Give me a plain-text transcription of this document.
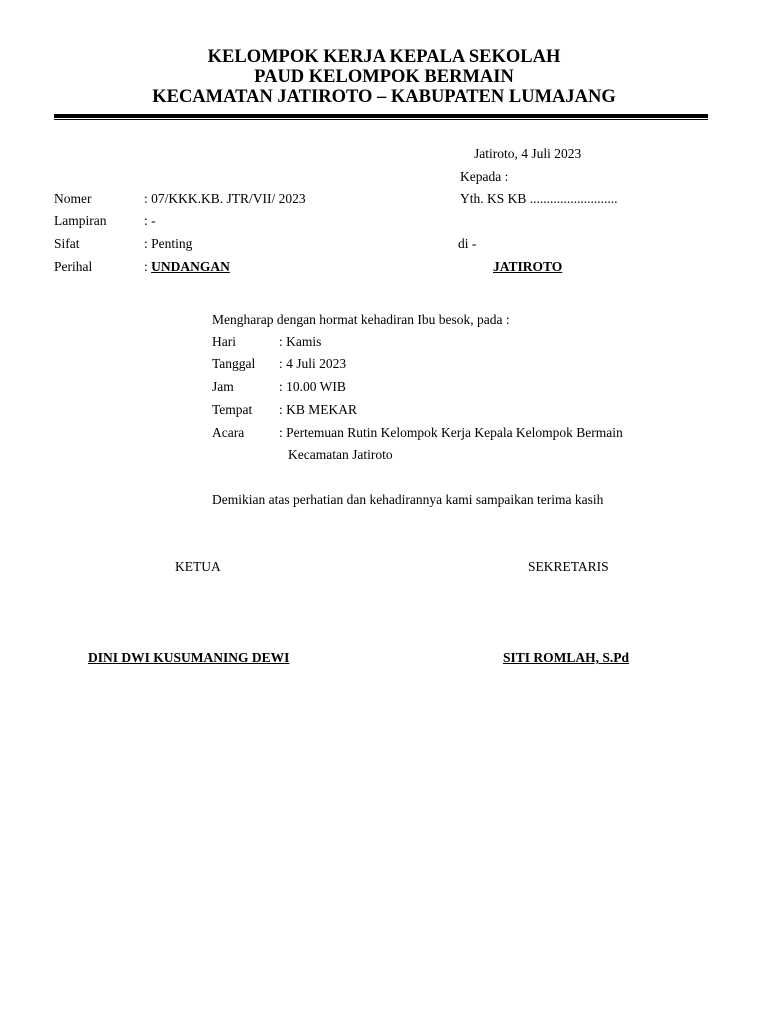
KELOMPOK KERJA KEPALA SEKOLAH
PAUD KELOMPOK BERMAIN
KECAMATAN JATIROTO – KABUPATEN LUMAJANG
Jatiroto, 4 Juli 2023
Kepada :
Yth. KS KB ..........................
di -
JATIROTO
Nomer	: 07/KKK.KB. JTR/VII/ 2023
Lampiran	: -
Sifat	: Penting
Perihal	: UNDANGAN
Mengharap dengan hormat kehadiran Ibu besok, pada :
Hari	: Kamis
Tanggal : 4 Juli 2023
Jam	: 10.00 WIB
Tempat : KB MEKAR
Acara	: Pertemuan Rutin Kelompok Kerja Kepala Kelompok Bermain
Kecamatan Jatiroto
Demikian atas perhatian dan kehadirannya kami sampaikan terima kasih
KETUA	SEKRETARIS
DINI DWI KUSUMANING DEWI	SITI ROMLAH, S.Pd
